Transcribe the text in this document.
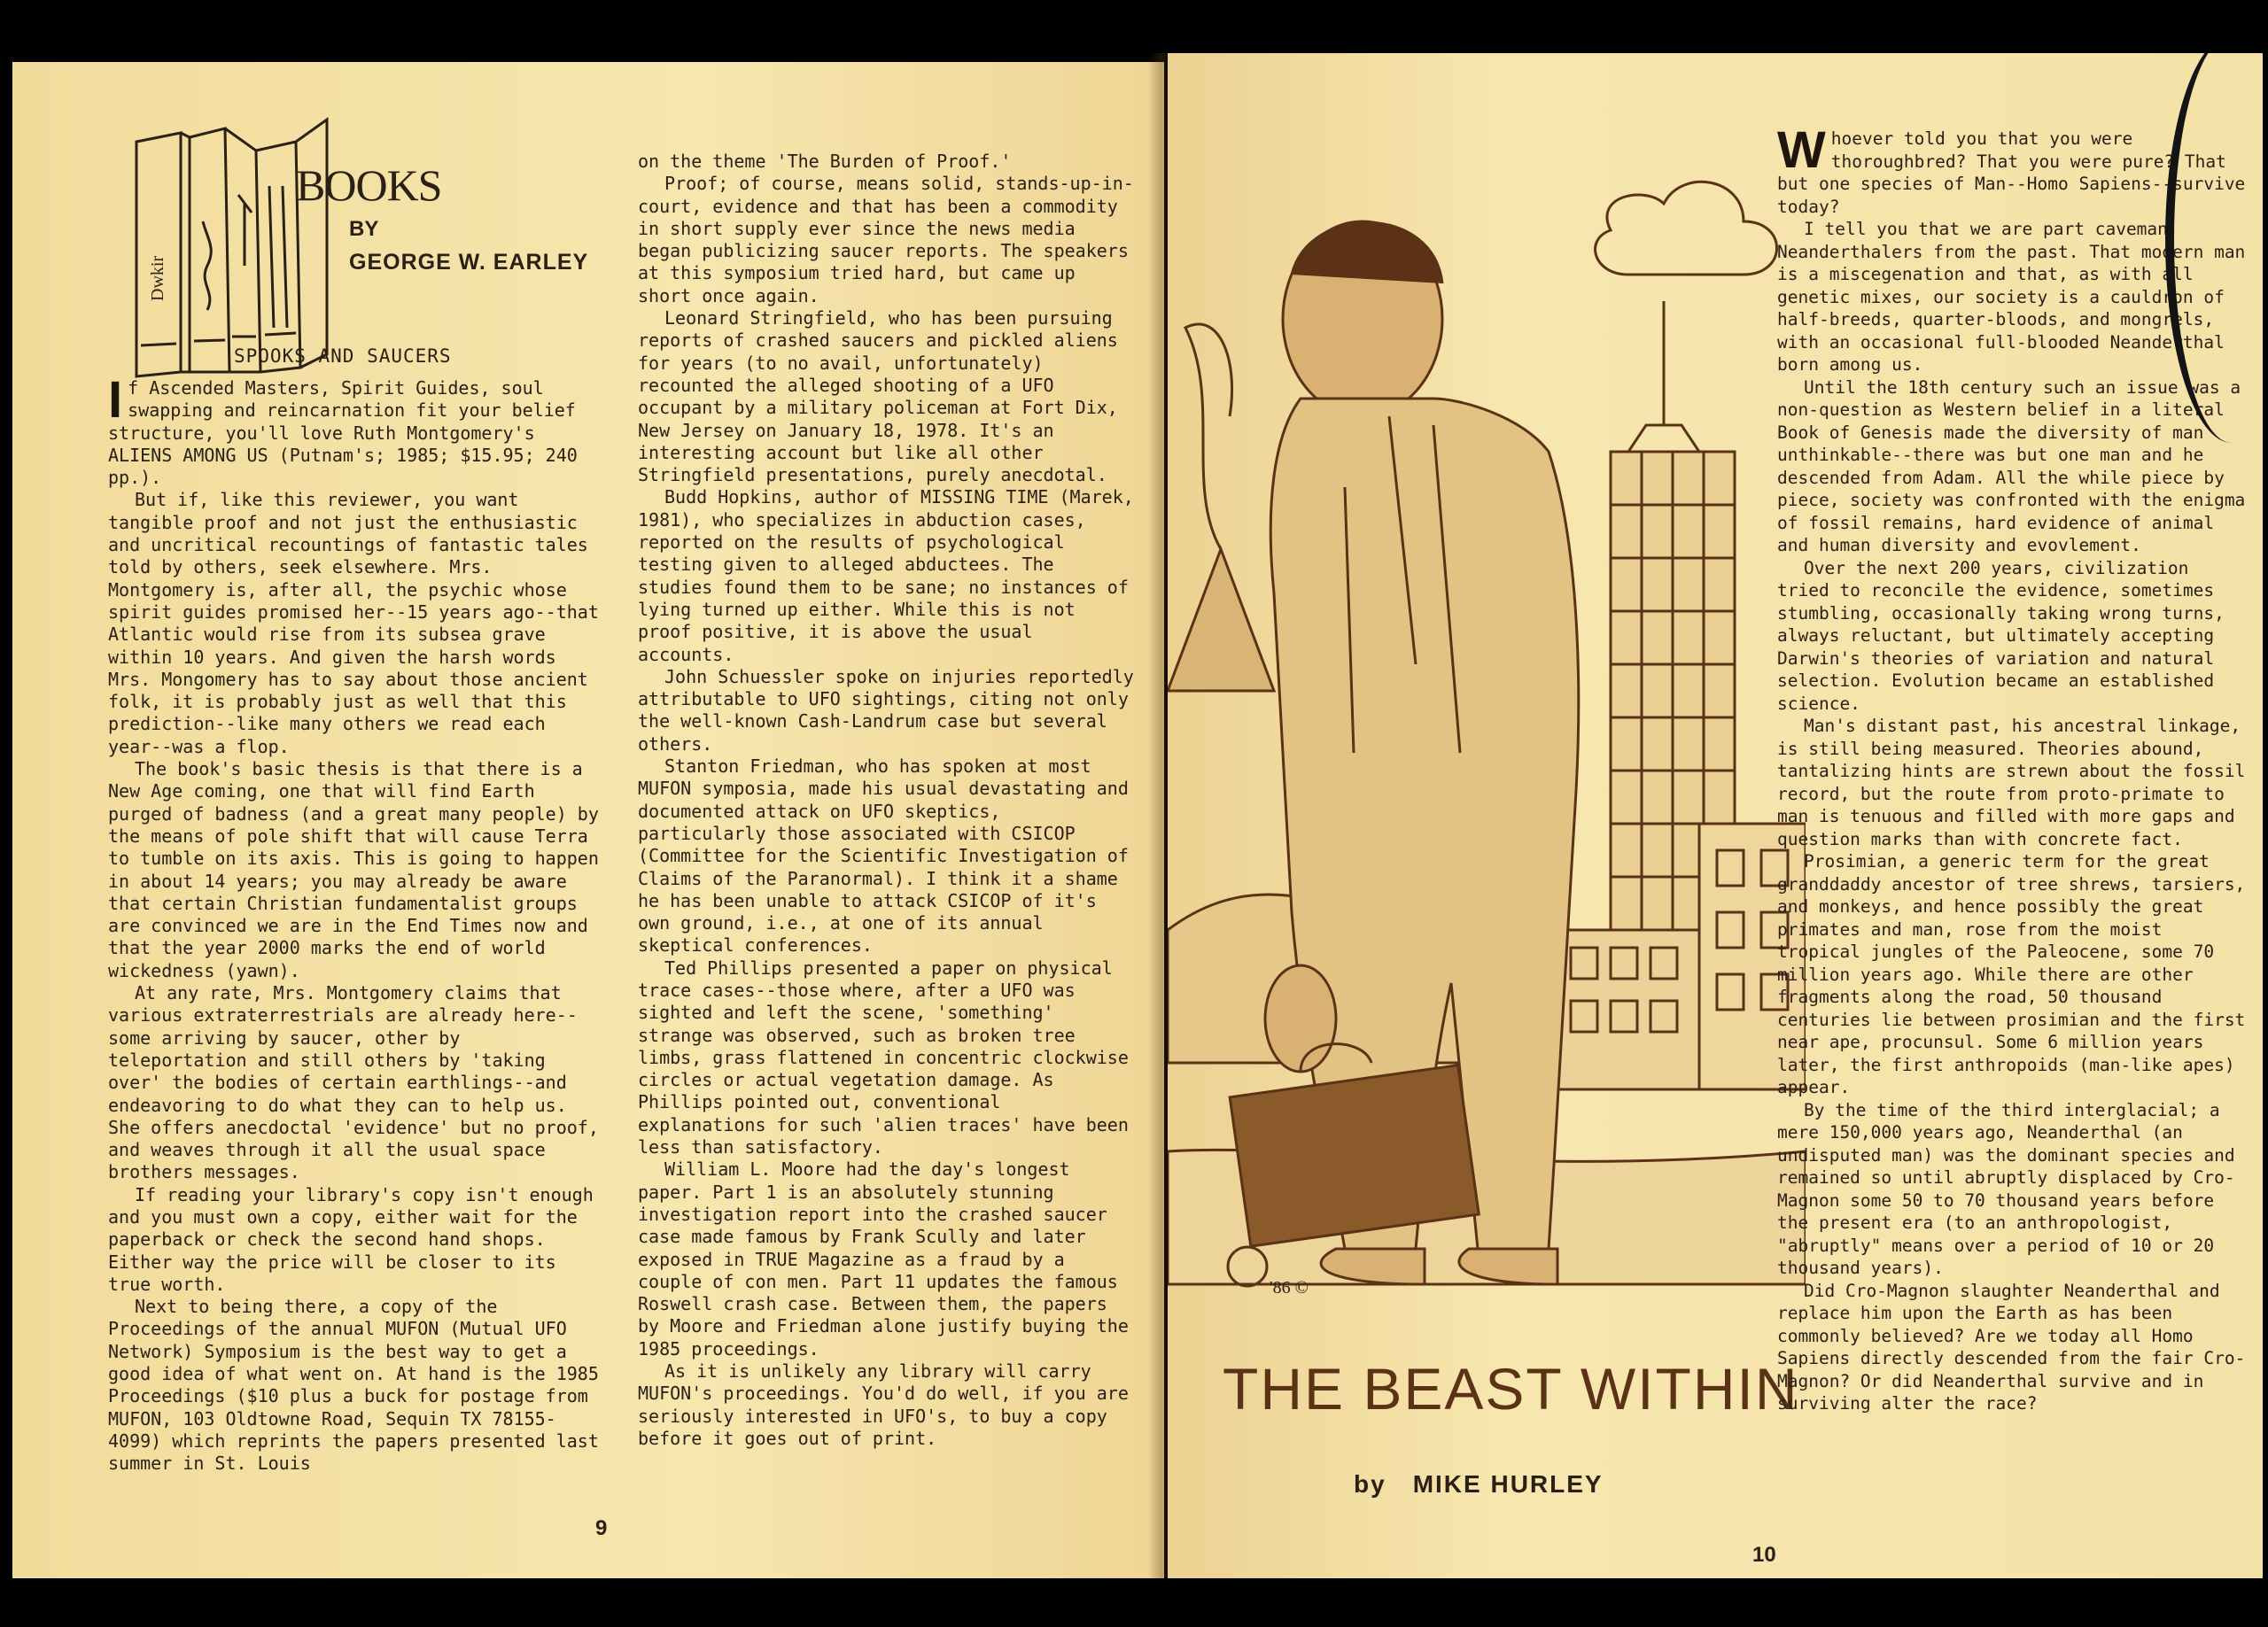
Dwkir
BOOKS
BY
GEORGE W. EARLEY
SPOOKS AND SAUCERS

If Ascended Masters, Spirit Guides, soul swapping and reincarnation fit your belief structure, you'll love Ruth Montgomery's ALIENS AMONG US (Putnam's; 1985; $15.95; 240 pp.).

But if, like this reviewer, you want tangible proof and not just the enthusiastic and uncritical recountings of fantastic tales told by others, seek elsewhere. Mrs. Montgomery is, after all, the psychic whose spirit guides promised her--15 years ago--that Atlantic would rise from its subsea grave within 10 years. And given the harsh words Mrs. Mongomery has to say about those ancient folk, it is probably just as well that this prediction--like many others we read each year--was a flop.

The book's basic thesis is that there is a New Age coming, one that will find Earth purged of badness (and a great many people) by the means of pole shift that will cause Terra to tumble on its axis. This is going to happen in about 14 years; you may already be aware that certain Christian fundamentalist groups are convinced we are in the End Times now and that the year 2000 marks the end of world wickedness (yawn).

At any rate, Mrs. Montgomery claims that various extraterrestrials are already here--some arriving by saucer, other by teleportation and still others by 'taking over' the bodies of certain earthlings--and endeavoring to do what they can to help us. She offers anecdoctal 'evidence' but no proof, and weaves through it all the usual space brothers messages.

If reading your library's copy isn't enough and you must own a copy, either wait for the paperback or check the second hand shops. Either way the price will be closer to its true worth.

Next to being there, a copy of the Proceedings of the annual MUFON (Mutual UFO Network) Symposium is the best way to get a good idea of what went on. At hand is the 1985 Proceedings ($10 plus a buck for postage from MUFON, 103 Oldtowne Road, Sequin TX 78155-4099) which reprints the papers presented last summer in St. Louis

on the theme 'The Burden of Proof.'

Proof; of course, means solid, stands-up-in-court, evidence and that has been a commodity in short supply ever since the news media began publicizing saucer reports. The speakers at this symposium tried hard, but came up short once again.

Leonard Stringfield, who has been pursuing reports of crashed saucers and pickled aliens for years (to no avail, unfortunately) recounted the alleged shooting of a UFO occupant by a military policeman at Fort Dix, New Jersey on January 18, 1978. It's an interesting account but like all other Stringfield presentations, purely anecdotal.

Budd Hopkins, author of MISSING TIME (Marek, 1981), who specializes in abduction cases, reported on the results of psychological testing given to alleged abductees. The studies found them to be sane; no instances of lying turned up either. While this is not proof positive, it is above the usual accounts.

John Schuessler spoke on injuries reportedly attributable to UFO sightings, citing not only the well-known Cash-Landrum case but several others.

Stanton Friedman, who has spoken at most MUFON symposia, made his usual devastating and documented attack on UFO skeptics, particularly those associated with CSICOP (Committee for the Scientific Investigation of Claims of the Paranormal). I think it a shame he has been unable to attack CSICOP of it's own ground, i.e., at one of its annual skeptical conferences.

Ted Phillips presented a paper on physical trace cases--those where, after a UFO was sighted and left the scene, 'something' strange was observed, such as broken tree limbs, grass flattened in concentric clockwise circles or actual vegetation damage. As Phillips pointed out, conventional explanations for such 'alien traces' have been less than satisfactory.

William L. Moore had the day's longest paper. Part 1 is an absolutely stunning investigation report into the crashed saucer case made famous by Frank Scully and later exposed in TRUE Magazine as a fraud by a couple of con men. Part 11 updates the famous Roswell crash case. Between them, the papers by Moore and Friedman alone justify buying the 1985 proceedings.

As it is unlikely any library will carry MUFON's proceedings. You'd do well, if you are seriously interested in UFO's, to buy a copy before it goes out of print.

9
'86 ©
THE BEAST WITHIN
by MIKE HURLEY

Whoever told you that you were thoroughbred? That you were pure? That but one species of Man--Homo Sapiens--survive today?

I tell you that we are part caveman, Neanderthalers from the past. That modern man is a miscegenation and that, as with all genetic mixes, our society is a cauldron of half-breeds, quarter-bloods, and mongrels, with an occasional full-blooded Neanderthal born among us.

Until the 18th century such an issue was a non-question as Western belief in a literal Book of Genesis made the diversity of man unthinkable--there was but one man and he descended from Adam. All the while piece by piece, society was confronted with the enigma of fossil remains, hard evidence of animal and human diversity and evovlement.

Over the next 200 years, civilization tried to reconcile the evidence, sometimes stumbling, occasionally taking wrong turns, always reluctant, but ultimately accepting Darwin's theories of variation and natural selection. Evolution became an established science.

Man's distant past, his ancestral linkage, is still being measured. Theories abound, tantalizing hints are strewn about the fossil record, but the route from proto-primate to man is tenuous and filled with more gaps and question marks than with concrete fact.

Prosimian, a generic term for the great granddaddy ancestor of tree shrews, tarsiers, and monkeys, and hence possibly the great primates and man, rose from the moist tropical jungles of the Paleocene, some 70 million years ago. While there are other fragments along the road, 50 thousand centuries lie between prosimian and the first near ape, procunsul. Some 6 million years later, the first anthropoids (man-like apes) appear.

By the time of the third interglacial; a mere 150,000 years ago, Neanderthal (an undisputed man) was the dominant species and remained so until abruptly displaced by Cro-Magnon some 50 to 70 thousand years before the present era (to an anthropologist, "abruptly" means over a period of 10 or 20 thousand years).

Did Cro-Magnon slaughter Neanderthal and replace him upon the Earth as has been commonly believed? Are we today all Homo Sapiens directly descended from the fair Cro-Magnon? Or did Neanderthal survive and in surviving alter the race?

10
